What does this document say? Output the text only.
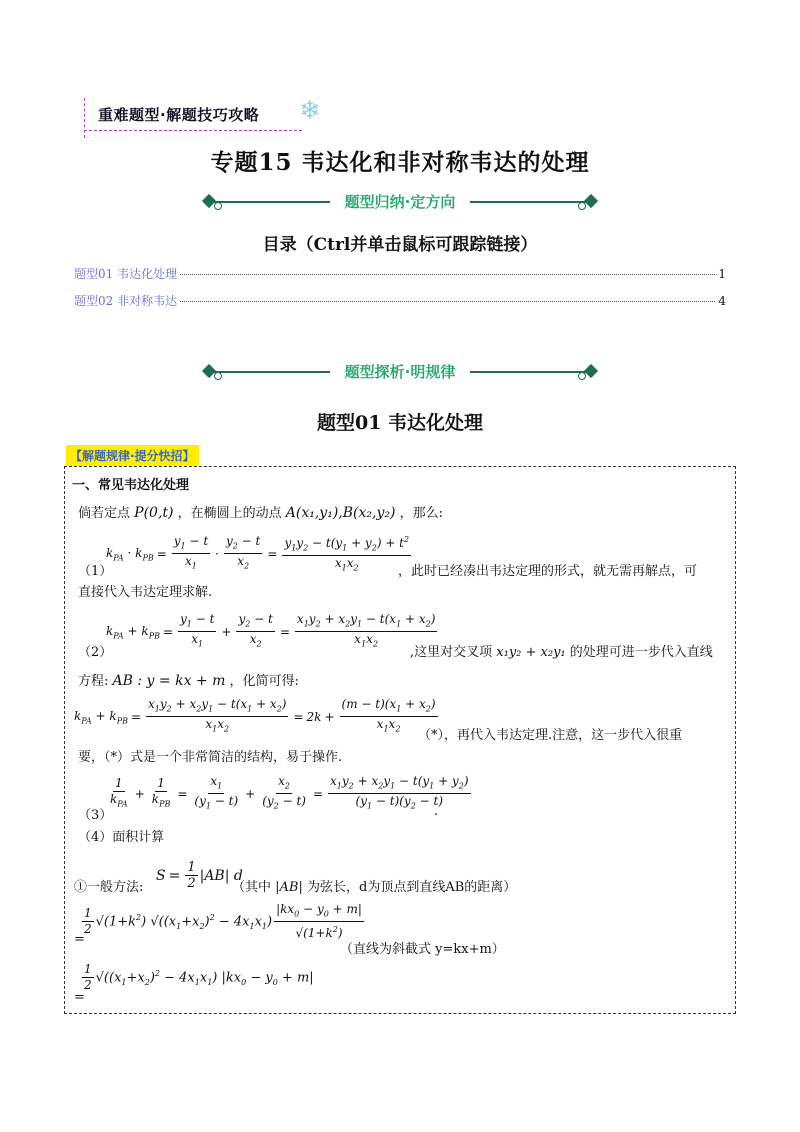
重难题型·解题技巧攻略 ❄
专题15 韦达化和非对称韦达的处理
题型归纳·定方向
目录（Ctrl并单击鼠标可跟踪链接）
题型01 韦达化处理	1
题型02 非对称韦达	4
题型探析·明规律
题型01 韦达化处理
【解题规律·提分快招】
一、常见韦达化处理
倘若定点 P(0,t) ，在椭圆上的动点 A(x₁,y₁),B(x₂,y₂) ，那么:
（1）
$k_{PA} \cdot k_{PB} = \frac{y_1 - t}{x_1} \cdot \frac{y_2 - t}{x_2} = \frac{y_1y_2 - t(y_1 + y_2) + t^2}{x_1x_2}$
，此时已经凑出韦达定理的形式，就无需再解点，可
直接代入韦达定理求解.
（2）
$k_{PA} + k_{PB} = \frac{y_1 - t}{x_1} + \frac{y_2 - t}{x_2} = \frac{x_1y_2 + x_2y_1 - t(x_1 + x_2)}{x_1x_2}$
,这里对交叉项 x₁y₂ + x₂y₁ 的处理可进一步代入直线
方程: AB : y = kx + m ，化简可得:
$k_{PA} + k_{PB} = \frac{x_1y_2 + x_2y_1 - t(x_1 + x_2)}{x_1x_2} = 2k + \frac{(m - t)(x_1 + x_2)}{x_1x_2}$
（*），再代入韦达定理.注意，这一步代入很重
要，（*）式是一个非常简洁的结构，易于操作.
（3）
$\frac{1}{k_{PA}} + \frac{1}{k_{PB}} = \frac{x_1}{(y_1 - t)} + \frac{x_2}{(y_2 - t)} = \frac{x_1y_2 + x_2y_1 - t(y_1 + y_2)}{(y_1 - t)(y_2 - t)}$
.
（4）面积计算
①一般方法:
$S = \frac{1}{2} |AB|$ d
（其中 |AB| 为弦长，d为顶点到直线AB的距离）
=
$\frac{1}{2} √(1+k^2) √((x_1+x_2)^2 - 4x_1x_1) \frac{|kx_0 - y_0 + m|}{√(1+k^2)}$
（直线为斜截式 y=kx+m）
=
$\frac{1}{2} √((x_1+x_2)^2 - 4x_1x_1) |kx_0 - y_0 + m|$
